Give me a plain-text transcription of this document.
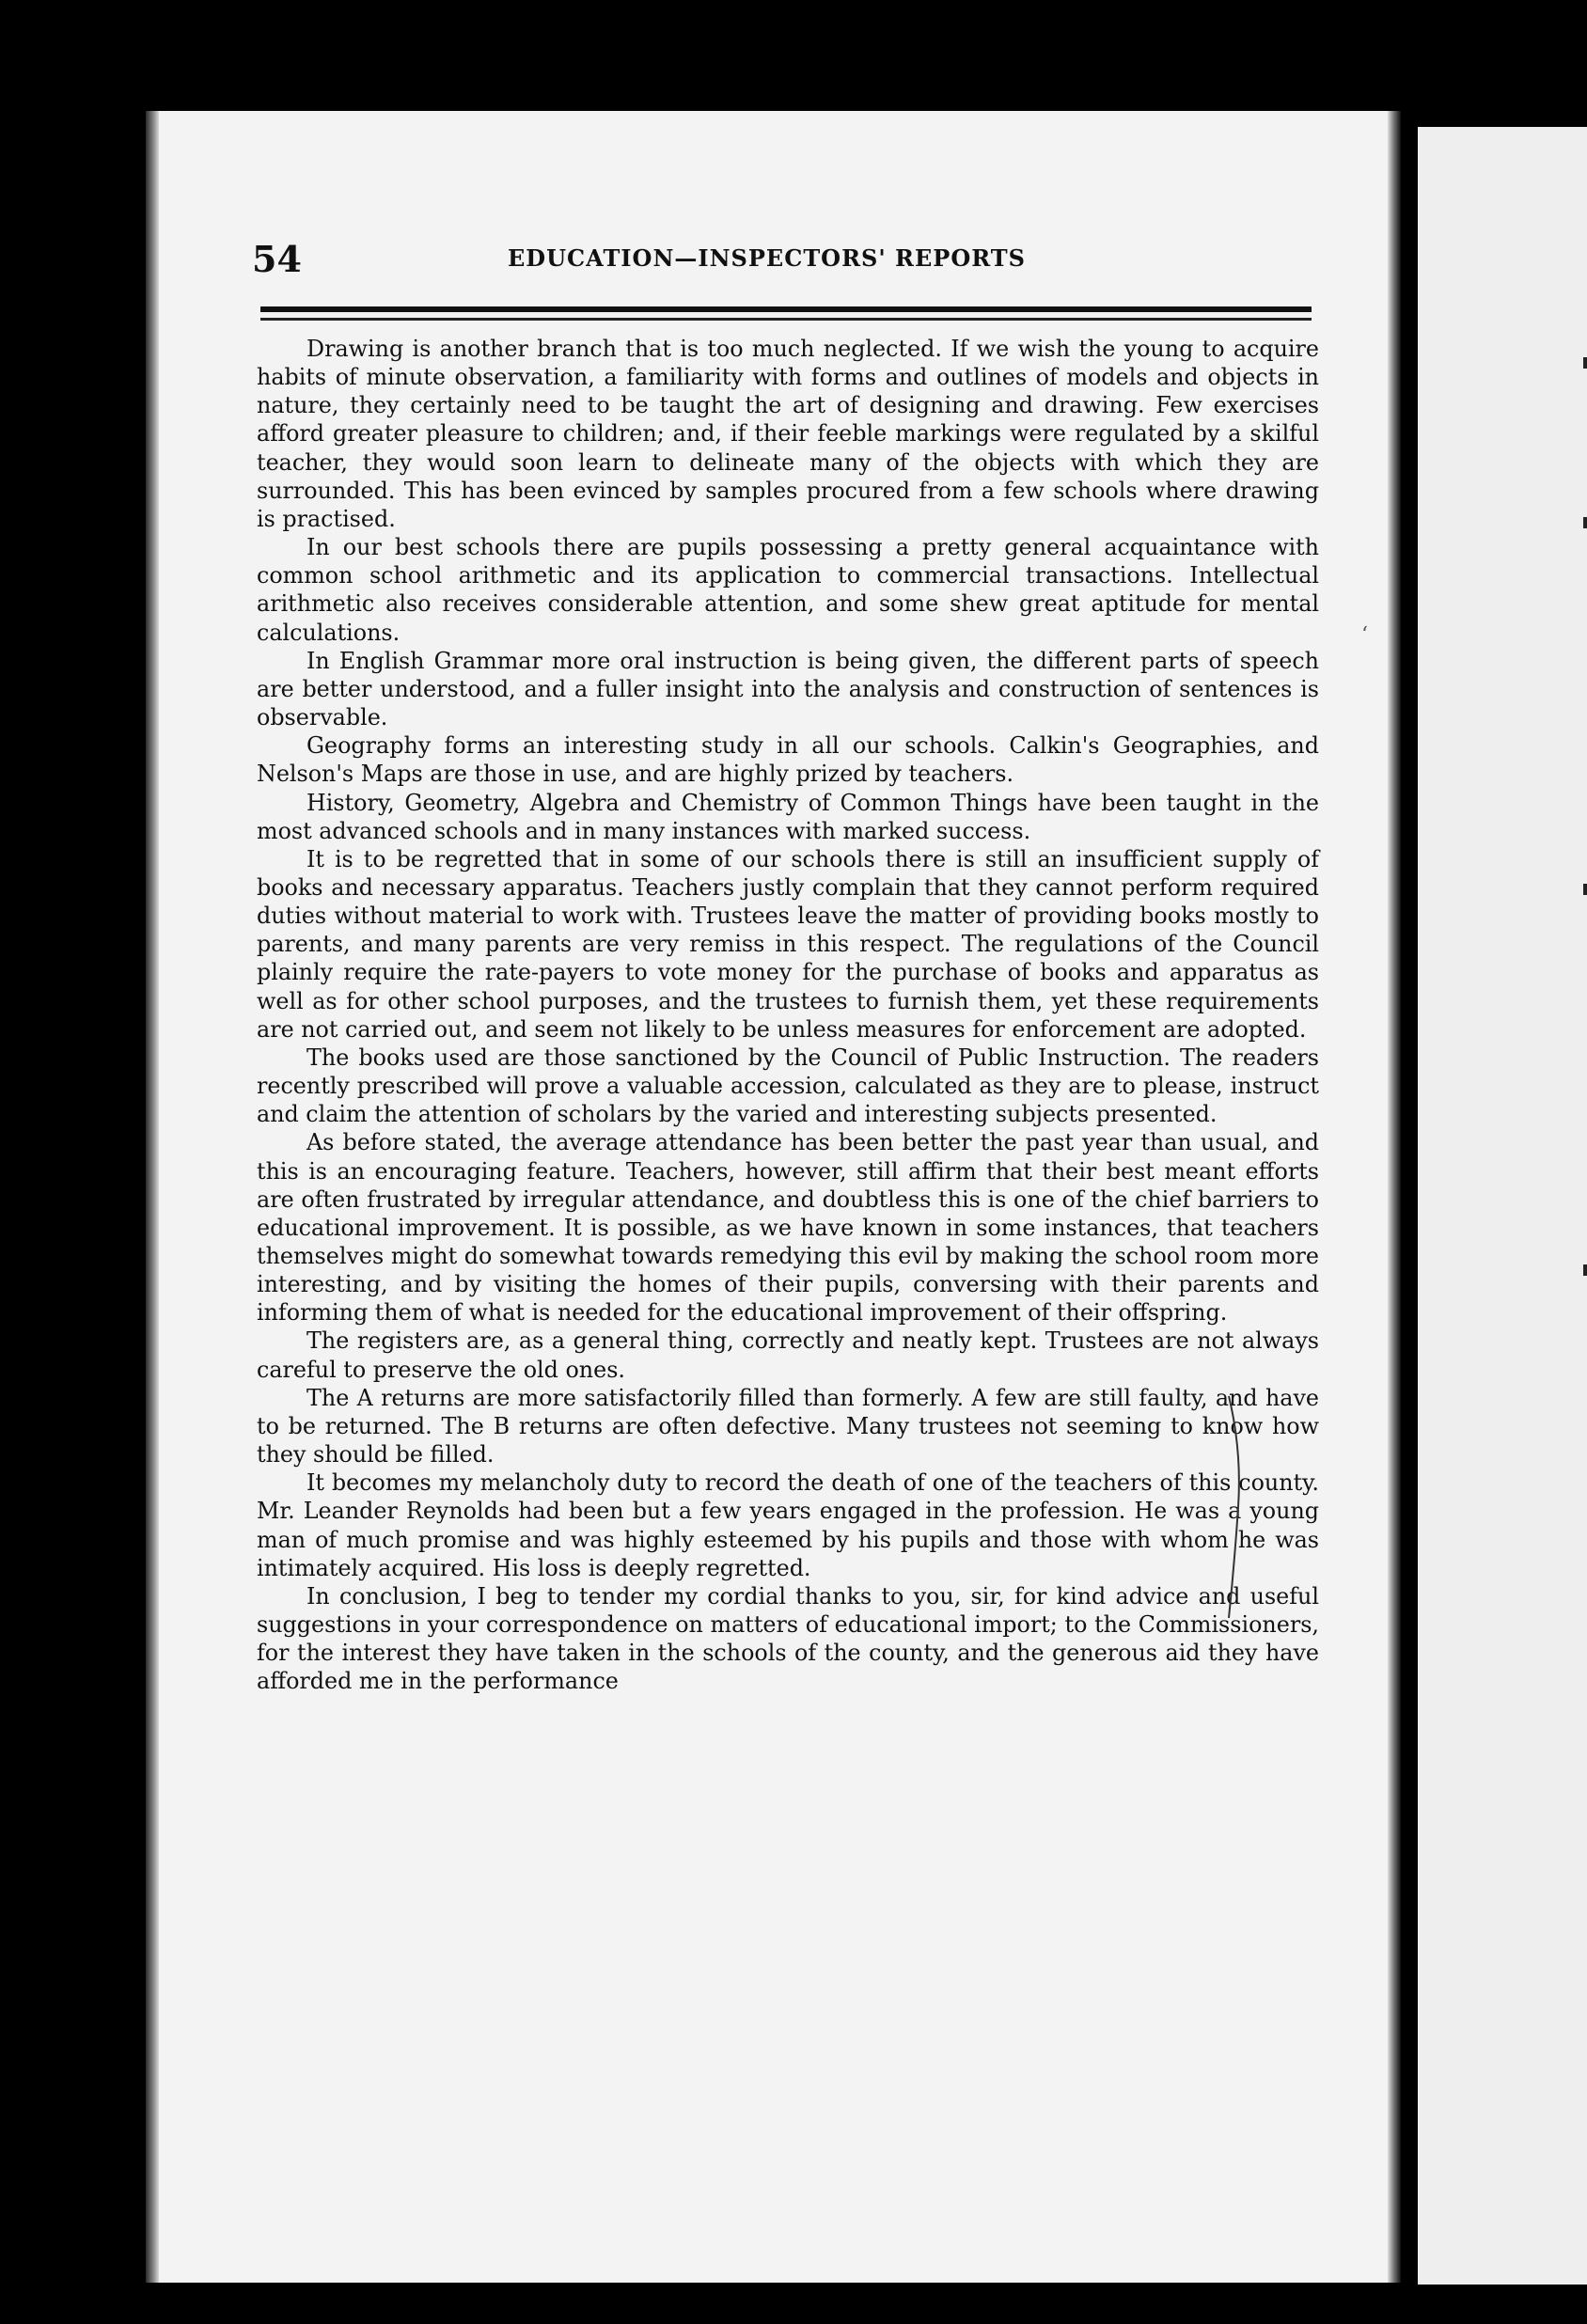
54	EDUCATION—INSPECTORS' REPORTS

Drawing is another branch that is too much neglected. If we wish the young to acquire habits of minute observation, a familiarity with forms and outlines of models and objects in nature, they certainly need to be taught the art of designing and drawing. Few exercises afford greater pleasure to children; and, if their feeble markings were regulated by a skilful teacher, they would soon learn to delineate many of the objects with which they are surrounded. This has been evinced by samples procured from a few schools where drawing is practised.

In our best schools there are pupils possessing a pretty general acquaintance with common school arithmetic and its application to commercial transactions. Intellectual arithmetic also receives considerable attention, and some shew great aptitude for mental calculations.

In English Grammar more oral instruction is being given, the different parts of speech are better understood, and a fuller insight into the analysis and construction of sentences is observable.

Geography forms an interesting study in all our schools. Calkin's Geographies, and Nelson's Maps are those in use, and are highly prized by teachers.

History, Geometry, Algebra and Chemistry of Common Things have been taught in the most advanced schools and in many instances with marked success.

It is to be regretted that in some of our schools there is still an insufficient supply of books and necessary apparatus. Teachers justly complain that they cannot perform required duties without material to work with. Trustees leave the matter of providing books mostly to parents, and many parents are very remiss in this respect. The regulations of the Council plainly require the rate-payers to vote money for the purchase of books and apparatus as well as for other school purposes, and the trustees to furnish them, yet these requirements are not carried out, and seem not likely to be unless measures for enforcement are adopted.

The books used are those sanctioned by the Council of Public Instruction. The readers recently prescribed will prove a valuable accession, calculated as they are to please, instruct and claim the attention of scholars by the varied and interesting subjects presented.

As before stated, the average attendance has been better the past year than usual, and this is an encouraging feature. Teachers, however, still affirm that their best meant efforts are often frustrated by irregular attendance, and doubtless this is one of the chief barriers to educational improvement. It is possible, as we have known in some instances, that teachers themselves might do somewhat towards remedying this evil by making the school room more interesting, and by visiting the homes of their pupils, conversing with their parents and informing them of what is needed for the educational improvement of their offspring.

The registers are, as a general thing, correctly and neatly kept. Trustees are not always careful to preserve the old ones.

The A returns are more satisfactorily filled than formerly. A few are still faulty, and have to be returned. The B returns are often defective. Many trustees not seeming to know how they should be filled.

It becomes my melancholy duty to record the death of one of the teachers of this county. Mr. Leander Reynolds had been but a few years engaged in the profession. He was a young man of much promise and was highly esteemed by his pupils and those with whom he was intimately acquired. His loss is deeply regretted.

In conclusion, I beg to tender my cordial thanks to you, sir, for kind advice and useful suggestions in your correspondence on matters of educational import; to the Commissioners, for the interest they have taken in the schools of the county, and the generous aid they have afforded me in the performance

‘
